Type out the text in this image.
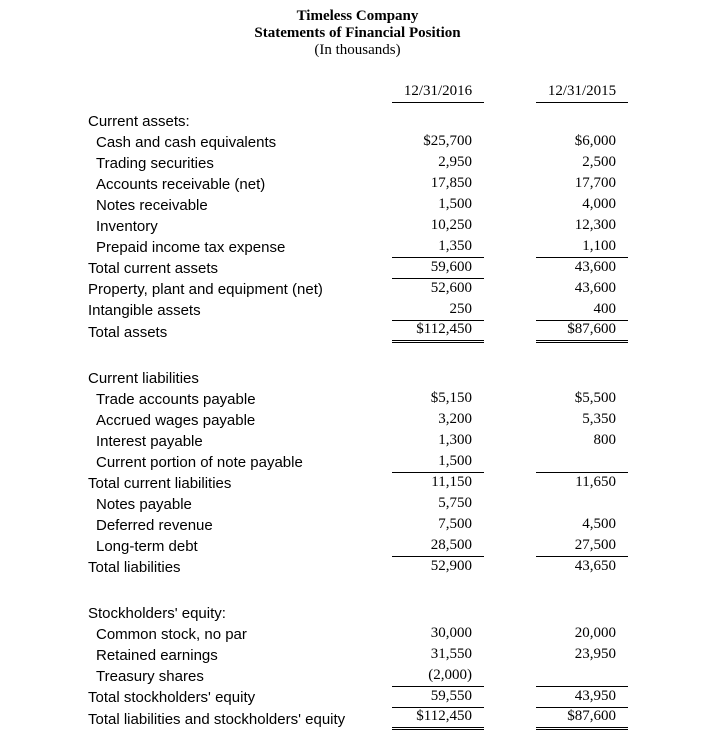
Timeless Company
Statements of Financial Position
(In thousands)
12/31/2016	12/31/2015
Current assets:
Cash and cash equivalents	$25,700	$6,000
Trading securities	2,950	2,500
Accounts receivable (net)	17,850	17,700
Notes receivable	1,500	4,000
Inventory	10,250	12,300
Prepaid income tax expense	1,350	1,100
Total current assets	59,600	43,600
Property, plant and equipment (net)	52,600	43,600
Intangible assets	250	400
Total assets	$112,450	$87,600
Current liabilities
Trade accounts payable	$5,150	$5,500
Accrued wages payable	3,200	5,350
Interest payable	1,300	800
Current portion of note payable	1,500
Total current liabilities	11,150	11,650
Notes payable	5,750
Deferred revenue	7,500	4,500
Long-term debt	28,500	27,500
Total liabilities	52,900	43,650
Stockholders' equity:
Common stock, no par	30,000	20,000
Retained earnings	31,550	23,950
Treasury shares	(2,000)
Total stockholders' equity	59,550	43,950
Total liabilities and stockholders' equity	$112,450	$87,600
